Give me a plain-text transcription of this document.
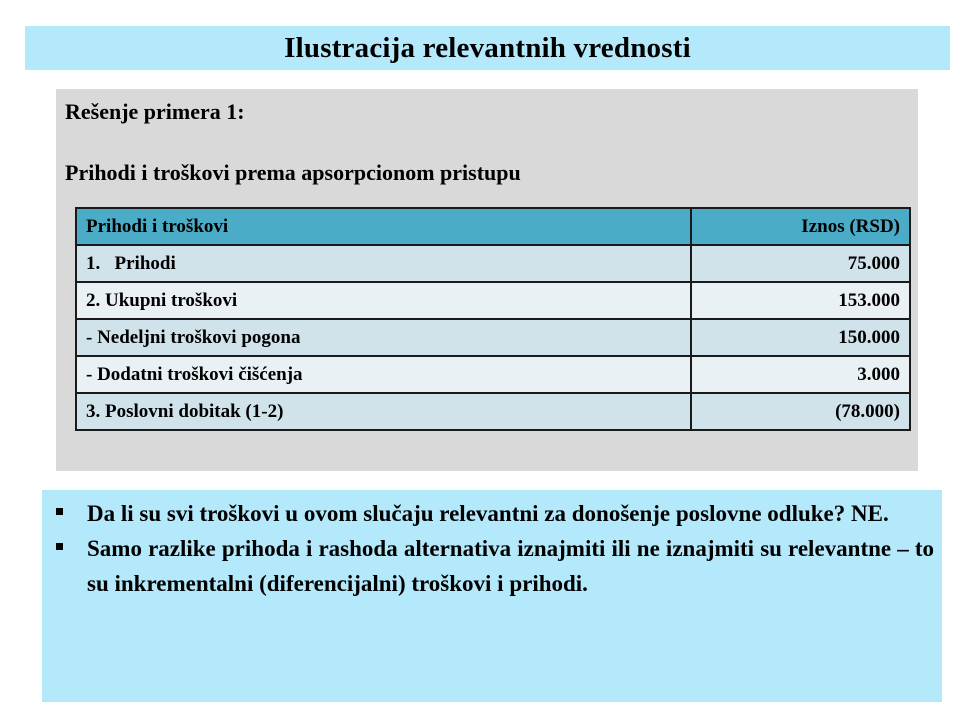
Ilustracija relevantnih vrednosti

Rešenje primera 1:

Prihodi i troškovi prema apsorpcionom pristupu

Prihodi i troškovi	Iznos (RSD)
1.   Prihodi	75.000
2. Ukupni troškovi	153.000
- Nedeljni troškovi pogona	150.000
- Dodatni troškovi čišćenja	3.000
3. Poslovni dobitak (1-2)	(78.000)
Da li su svi troškovi u ovom slučaju relevantni za donošenje poslovne odluke? NE.
Samo razlike prihoda i rashoda alternativa iznajmiti ili ne iznajmiti su relevantne – to su inkrementalni (diferencijalni) troškovi i prihodi.
